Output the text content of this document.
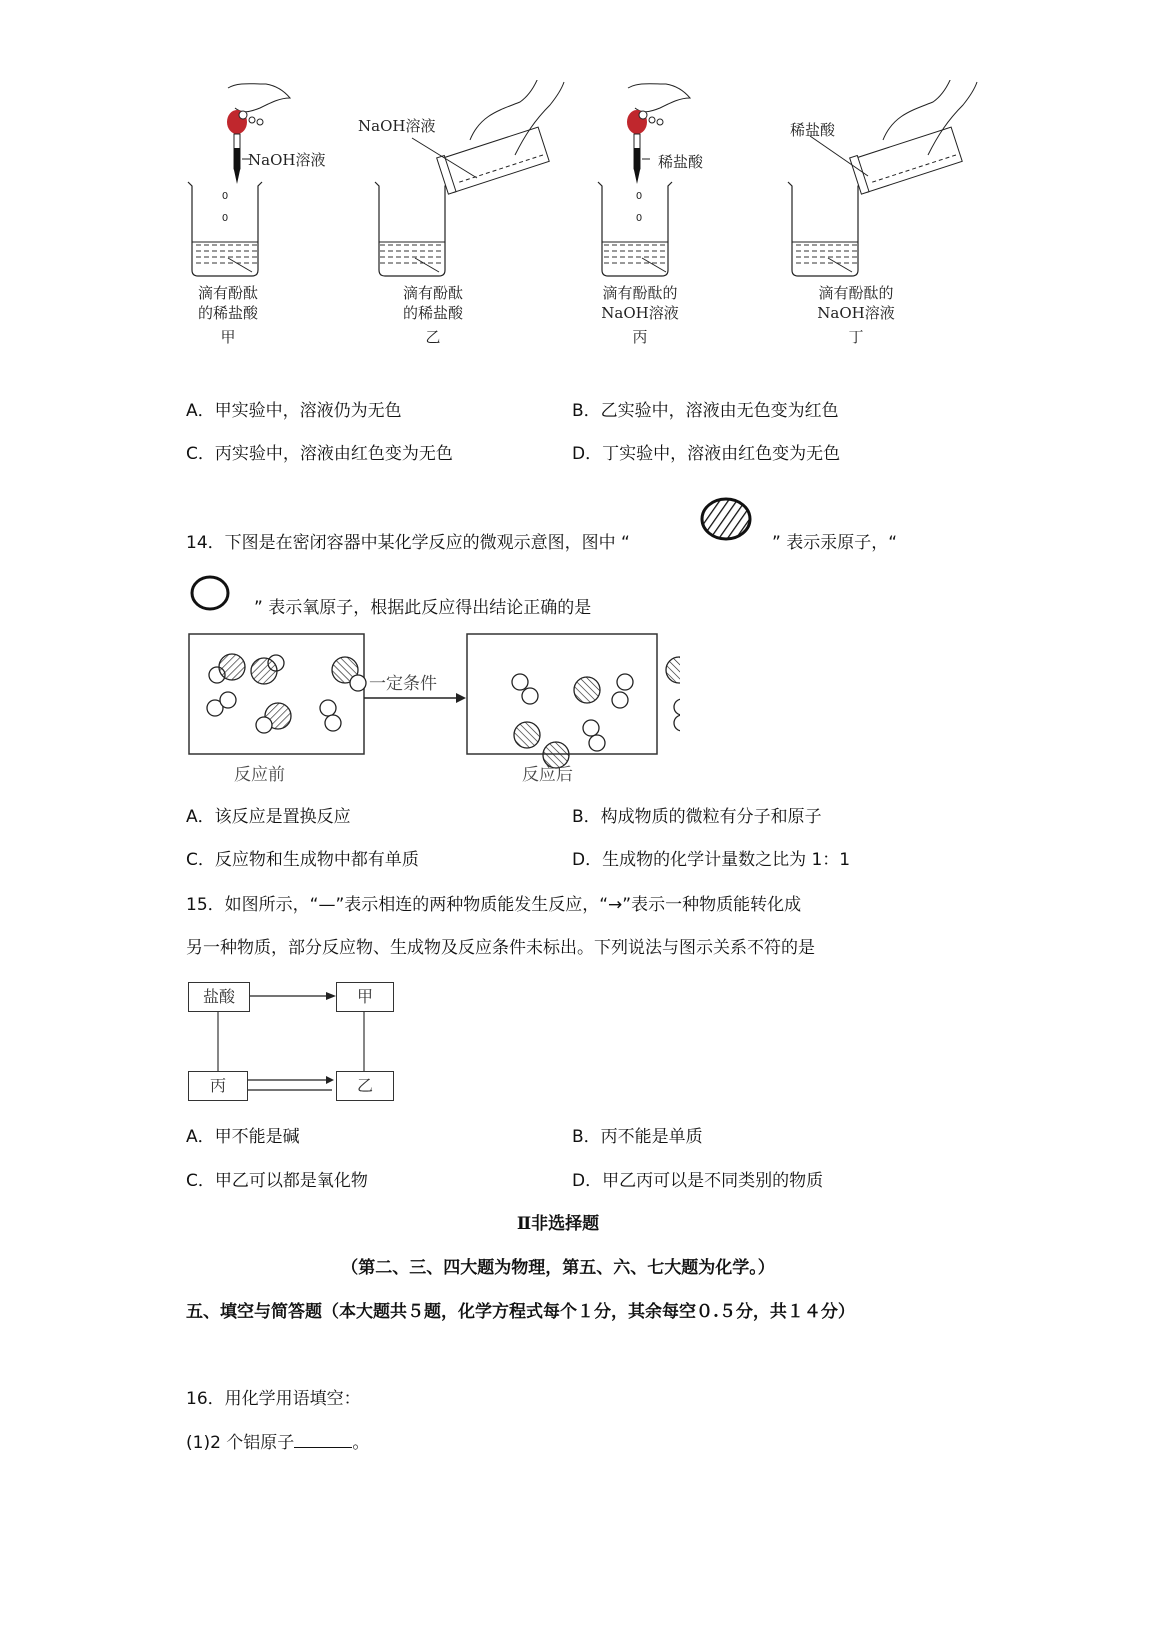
0
0
0
0
NaOH溶液
NaOH溶液
稀盐酸
稀盐酸
滴有酚酞
的稀盐酸
甲
滴有酚酞
的稀盐酸
乙
滴有酚酞的
NaOH溶液
丙
滴有酚酞的
NaOH溶液
丁
A．甲实验中，溶液仍为无色	B．乙实验中，溶液由无色变为红色
C．丙实验中，溶液由红色变为无色	D．丁实验中，溶液由红色变为无色
14．下图是在密闭容器中某化学反应的微观示意图，图中 “	” 表示汞原子，“
” 表示氧原子，根据此反应得出结论正确的是
一定条件
反应前	反应后
A．该反应是置换反应	B．构成物质的微粒有分子和原子
C．反应物和生成物中都有单质	D．生成物的化学计量数之比为 1：1
15．如图所示，“—”表示相连的两种物质能发生反应，“→”表示一种物质能转化成
另一种物质，部分反应物、生成物及反应条件未标出。下列说法与图示关系不符的是
盐酸	甲
丙	乙
A．甲不能是碱	B．丙不能是单质
C．甲乙可以都是氧化物	D．甲乙丙可以是不同类别的物质
Ⅱ非选择题
（第二、三、四大题为物理，第五、六、七大题为化学。）
五、填空与简答题（本大题共５题，化学方程式每个１分，其余每空０.５分，共１４分）
16．用化学用语填空：
(1)2 个铝原子	。
